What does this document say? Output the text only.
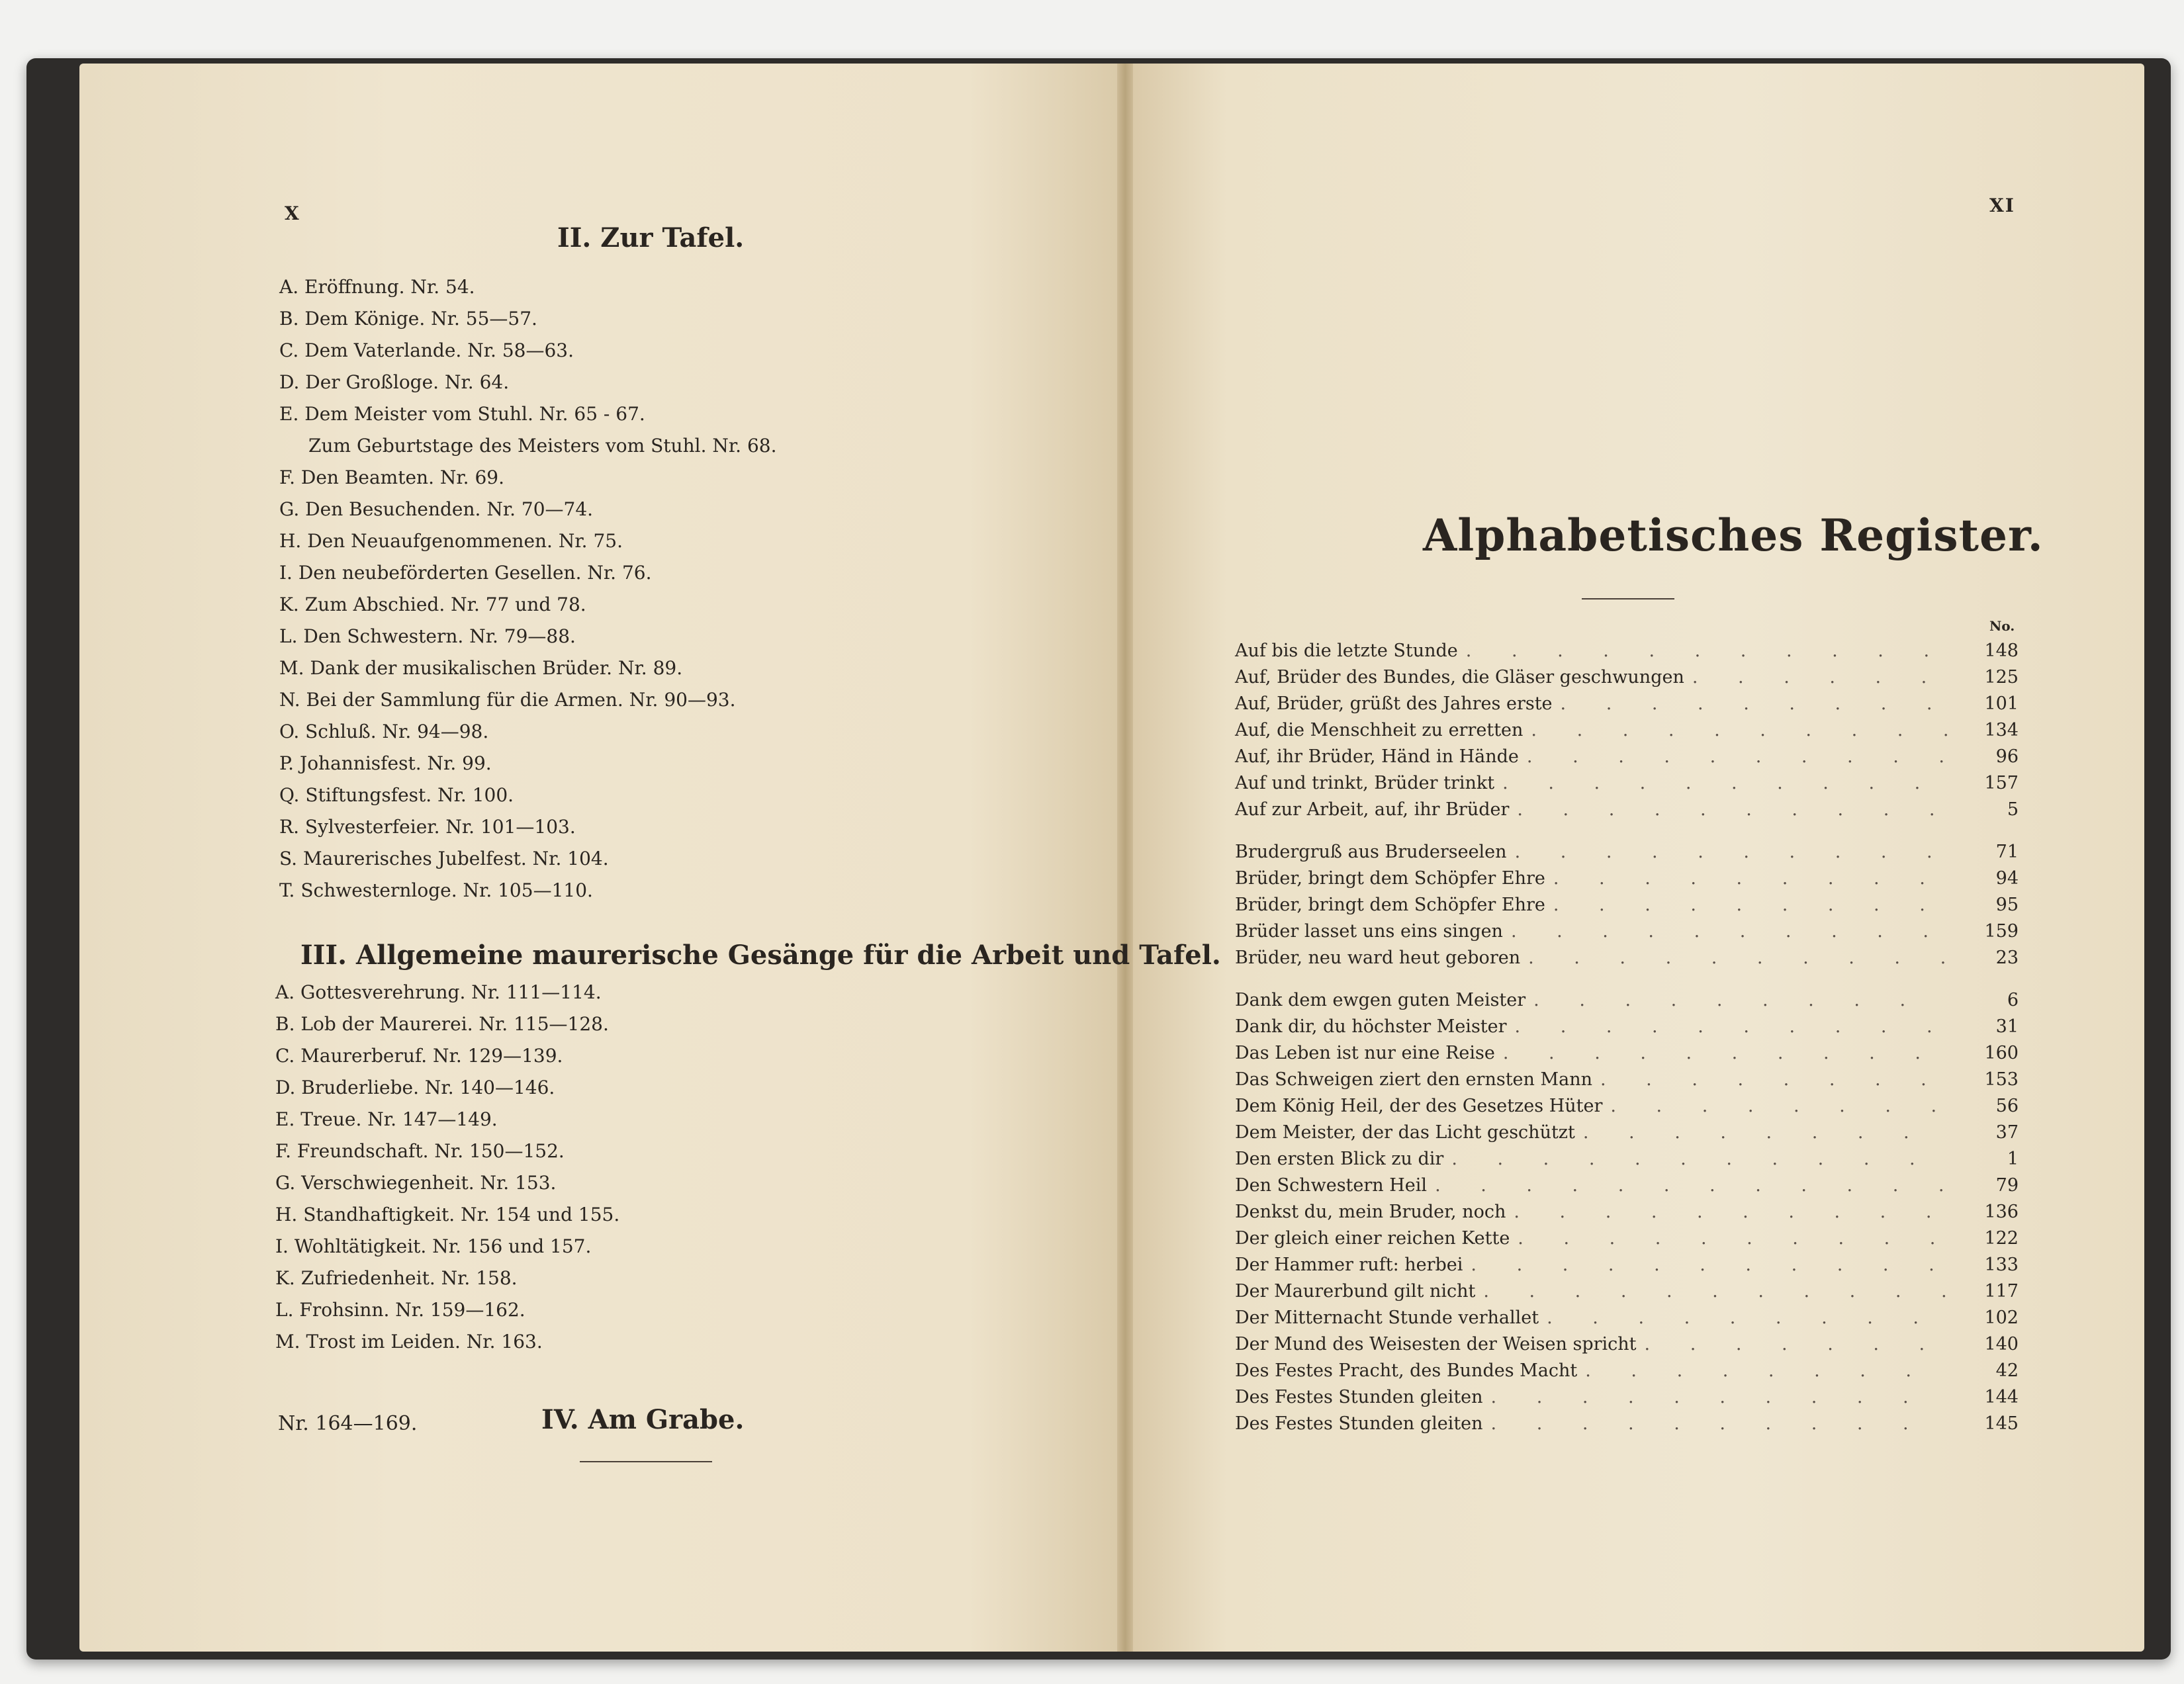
X
II. Zur Tafel.
A. Eröffnung. Nr. 54.
B. Dem Könige. Nr. 55—57.
C. Dem Vaterlande. Nr. 58—63.
D. Der Großloge. Nr. 64.
E. Dem Meister vom Stuhl. Nr. 65 - 67.
Zum Geburtstage des Meisters vom Stuhl. Nr. 68.
F. Den Beamten. Nr. 69.
G. Den Besuchenden. Nr. 70—74.
H. Den Neuaufgenommenen. Nr. 75.
I. Den neubeförderten Gesellen. Nr. 76.
K. Zum Abschied. Nr. 77 und 78.
L. Den Schwestern. Nr. 79—88.
M. Dank der musikalischen Brüder. Nr. 89.
N. Bei der Sammlung für die Armen. Nr. 90—93.
O. Schluß. Nr. 94—98.
P. Johannisfest. Nr. 99.
Q. Stiftungsfest. Nr. 100.
R. Sylvesterfeier. Nr. 101—103.
S. Maurerisches Jubelfest. Nr. 104.
T. Schwesternloge. Nr. 105—110.
III. Allgemeine maurerische Gesänge für die Arbeit und Tafel.
A. Gottesverehrung. Nr. 111—114.
B. Lob der Maurerei. Nr. 115—128.
C. Maurerberuf. Nr. 129—139.
D. Bruderliebe. Nr. 140—146.
E. Treue. Nr. 147—149.
F. Freundschaft. Nr. 150—152.
G. Verschwiegenheit. Nr. 153.
H. Standhaftigkeit. Nr. 154 und 155.
I. Wohltätigkeit. Nr. 156 und 157.
K. Zufriedenheit. Nr. 158.
L. Frohsinn. Nr. 159—162.
M. Trost im Leiden. Nr. 163.
Nr. 164—169.	IV. Am Grabe.
XI
Alphabetisches Register.
No.
Auf bis die letzte Stunde . . . . . . . . . . . 148
Auf, Brüder des Bundes, die Gläser geschwungen . . . . . . 125
Auf, Brüder, grüßt des Jahres erste . . . . . . . . . 101
Auf, die Menschheit zu erretten . . . . . . . . . . 134
Auf, ihr Brüder, Händ in Hände . . . . . . . . . . 96
Auf und trinkt, Brüder trinkt . . . . . . . . . .	157
Auf zur Arbeit, auf, ihr Brüder . . . . . . . . . .	5
Brudergruß aus Bruderseelen . . . . . . . . . .	71
Brüder, bringt dem Schöpfer Ehre . . . . . . . . .	94
Brüder, bringt dem Schöpfer Ehre . . . . . . . . .	95
Brüder lasset uns eins singen . . . . . . . . . . 159
Brüder, neu ward heut geboren . . . . . . . . . . 23
Dank dem ewgen guten Meister . . . . . . . . .	6
Dank dir, du höchster Meister . . . . . . . . . .	31
Das Leben ist nur eine Reise . . . . . . . . . .	160
Das Schweigen ziert den ernsten Mann . . . . . . . . 153
Dem König Heil, der des Gesetzes Hüter . . . . . . . . 56
Dem Meister, der das Licht geschützt . . . . . . . .	37
Den ersten Blick zu dir . . . . . . . . . . .	1
Den Schwestern Heil . . . . . . . . . . . . 79
Denkst du, mein Bruder, noch . . . . . . . . . . 136
Der gleich einer reichen Kette . . . . . . . . . . 122
Der Hammer ruft: herbei . . . . . . . . . . . 133
Der Maurerbund gilt nicht . . . . . . . . . . . 117
Der Mitternacht Stunde verhallet . . . . . . . . .	102
Der Mund des Weisesten der Weisen spricht . . . . . . . 140
Des Festes Pracht, des Bundes Macht . . . . . . . .	42
Des Festes Stunden gleiten . . . . . . . . . .	144
Des Festes Stunden gleiten . . . . . . . . . .	145
